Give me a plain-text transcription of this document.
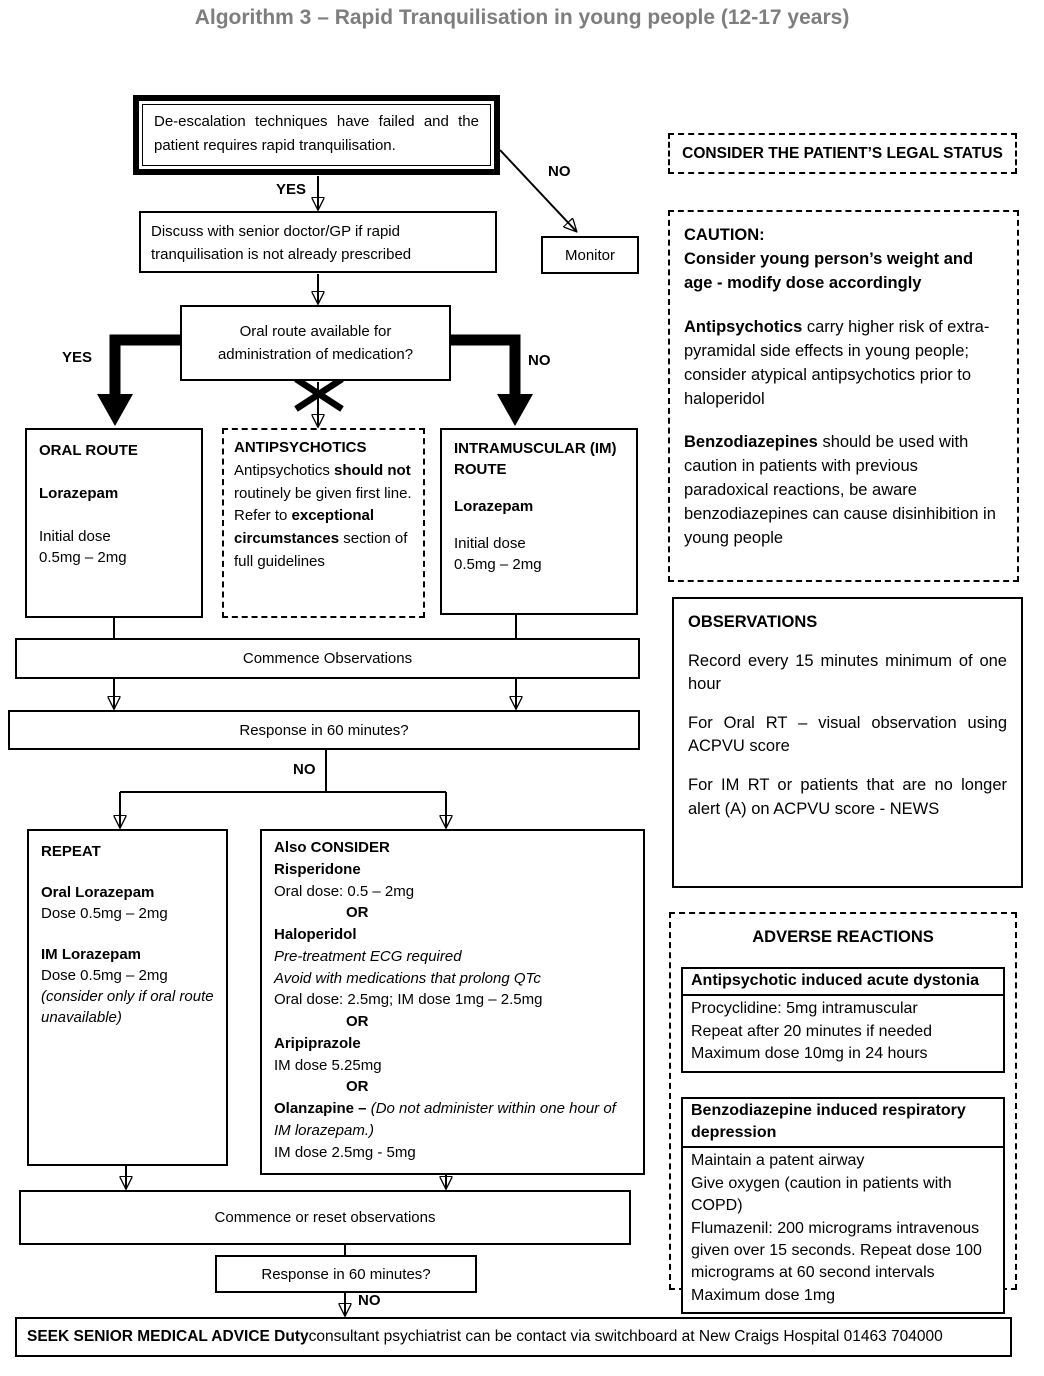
Algorithm 3 – Rapid Tranquilisation in young people (12-17 years)
De-escalation techniques have failed and the patient requires rapid tranquilisation.
YES
NO
Discuss with senior doctor/GP if rapid tranquilisation is not already prescribed	Monitor
Oral route available for administration of medication?
YES	NO
ORAL ROUTE
Lorazepam
Initial dose
0.5mg – 2mg
ANTIPSYCHOTICS
Antipsychotics should not routinely be given first line. Refer to exceptional circumstances section of full guidelines
INTRAMUSCULAR (IM) ROUTE
Lorazepam
Initial dose
0.5mg – 2mg
Commence Observations
Response in 60 minutes?
NO
REPEAT
Oral Lorazepam
Dose 0.5mg – 2mg
IM Lorazepam
Dose 0.5mg – 2mg
(consider only if oral route unavailable)
Also CONSIDER
Risperidone
Oral dose: 0.5 – 2mg
OR
Haloperidol
Pre-treatment ECG required
Avoid with medications that prolong QTc
Oral dose: 2.5mg; IM dose 1mg – 2.5mg
OR
Aripiprazole
IM dose 5.25mg
OR
Olanzapine – (Do not administer within one hour of IM lorazepam.)
IM dose 2.5mg - 5mg
Commence or reset observations
Response in 60 minutes?
NO
SEEK SENIOR MEDICAL ADVICE Duty consultant psychiatrist can be contact via switchboard at New Craigs Hospital 01463 704000
CONSIDER THE PATIENT’S LEGAL STATUS
CAUTION:
Consider young person’s weight and age - modify dose accordingly
Antipsychotics carry higher risk of extra-pyramidal side effects in young people; consider atypical antipsychotics prior to haloperidol
Benzodiazepines should be used with caution in patients with previous paradoxical reactions, be aware benzodiazepines can cause disinhibition in young people
OBSERVATIONS

Record every 15 minutes minimum of one hour

For Oral RT – visual observation using ACPVU score

For IM RT or patients that are no longer alert (A) on ACPVU score - NEWS

ADVERSE REACTIONS
Antipsychotic induced acute dystonia
Procyclidine: 5mg intramuscular
Repeat after 20 minutes if needed
Maximum dose 10mg in 24 hours
Benzodiazepine induced respiratory depression
Maintain a patent airway
Give oxygen (caution in patients with COPD)
Flumazenil: 200 micrograms intravenous given over 15 seconds. Repeat dose 100 micrograms at 60 second intervals
Maximum dose 1mg
